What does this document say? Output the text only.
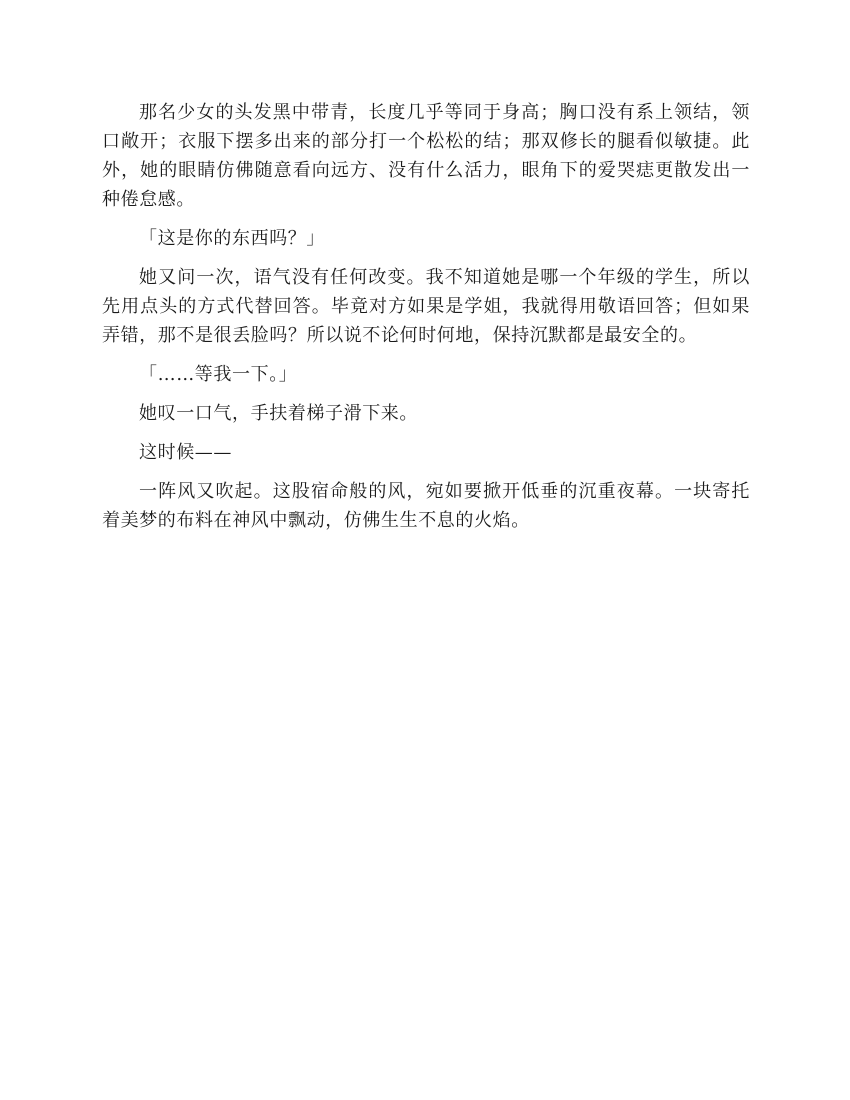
那名少女的头发黑中带青，长度几乎等同于身高；胸口没有系上领结，领口敞开；衣服下摆多出来的部分打一个松松的结；那双修长的腿看似敏捷。此外，她的眼睛仿佛随意看向远方、没有什么活力，眼角下的爱哭痣更散发出一种倦怠感。

「这是你的东西吗？」

她又问一次，语气没有任何改变。我不知道她是哪一个年级的学生，所以先用点头的方式代替回答。毕竟对方如果是学姐，我就得用敬语回答；但如果弄错，那不是很丢脸吗？所以说不论何时何地，保持沉默都是最安全的。

「……等我一下。」

她叹一口气，手扶着梯子滑下来。

这时候——

一阵风又吹起。这股宿命般的风，宛如要掀开低垂的沉重夜幕。一块寄托着美梦的布料在神风中飘动，仿佛生生不息的火焰。
